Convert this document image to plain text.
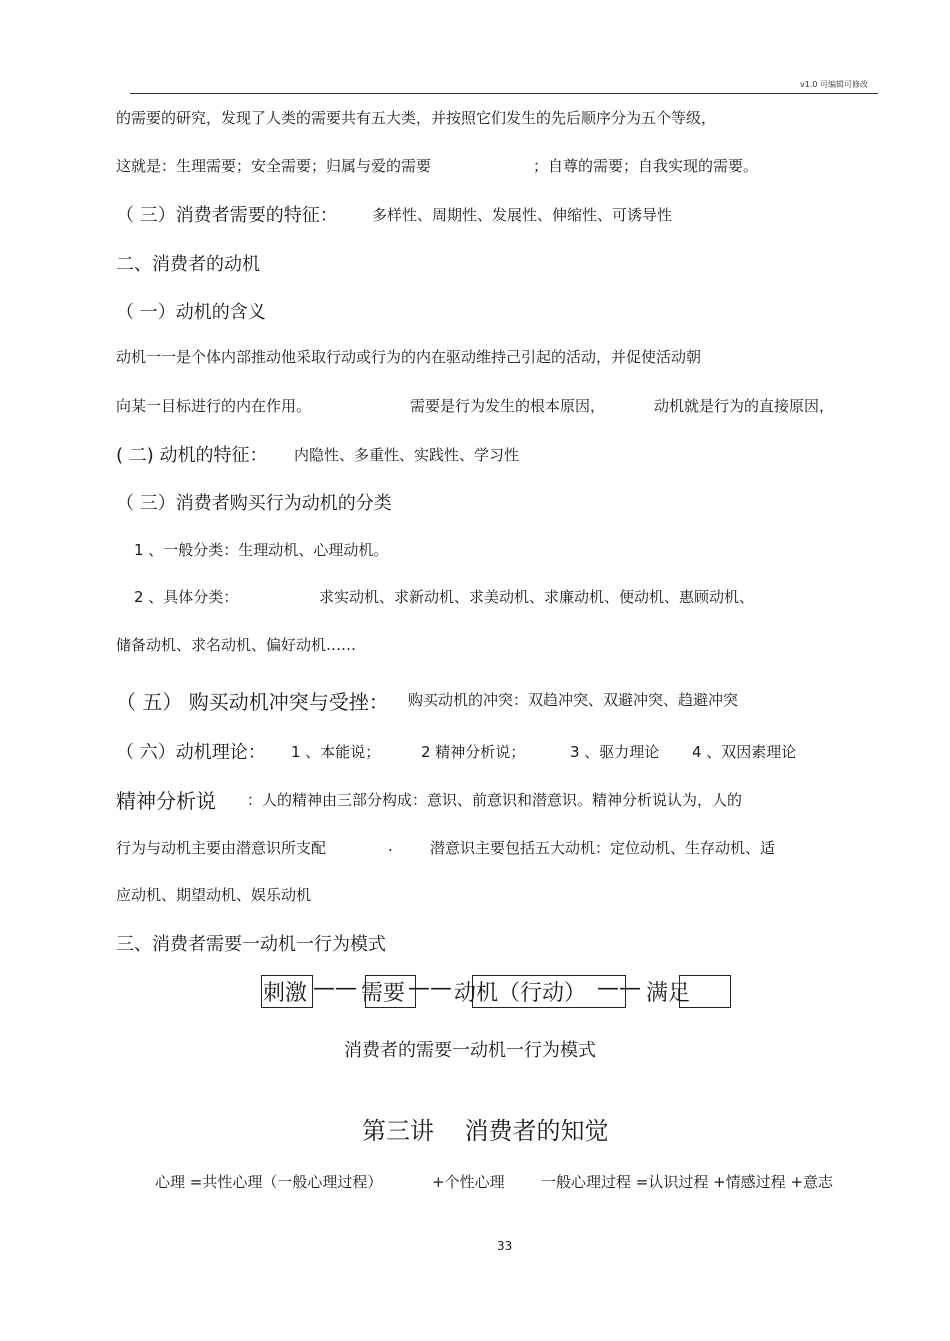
v1.0 可编辑可修改
的需要的研究，发现了人类的需要共有五大类，并按照它们发生的先后顺序分为五个等级，
这就是：生理需要；安全需要；归属与爱的需要	；自尊的需要；自我实现的需要。
（ 三）消费者需要的特征： 多样性、周期性、发展性、伸缩性、可诱导性
二、消费者的动机
（ 一）动机的含义
动机一一是个体内部推动他采取行动或行为的内在驱动维持己引起的活动，并促使活动朝
向某一目标进行的内在作用。	需要是行为发生的根本原因，	动机就是行为的直接原因，
( 二) 动机的特征： 内隐性、多重性、实践性、学习性
（ 三）消费者购买行为动机的分类
1 、一般分类：生理动机、心理动机。
2 、具体分类：	求实动机、求新动机、求美动机、求廉动机、便动机、惠顾动机、
储备动机、求名动机、偏好动机……
（ 五） 购买动机冲突与受挫： 购买动机的冲突：双趋冲突、双避冲突、趋避冲突
（ 六）动机理论： 1 、本能说；	2 精神分析说；	3 、驱力理论 4 、双因素理论
精神分析说 ：人的精神由三部分构成：意识、前意识和潜意识。精神分析说认为，人的
行为与动机主要由潜意识所支配	. 潜意识主要包括五大动机：定位动机、生存动机、适
应动机、期望动机、娱乐动机
三、消费者需要一动机一行为模式
刺激 —— 需要 —— 动机（行动） —— 满足
消费者的需要一动机一行为模式
第三讲    消费者的知觉
心理 =共性心理（一般心理过程）	+个性心理 一般心理过程 =认识过程 +情感过程 +意志
33
